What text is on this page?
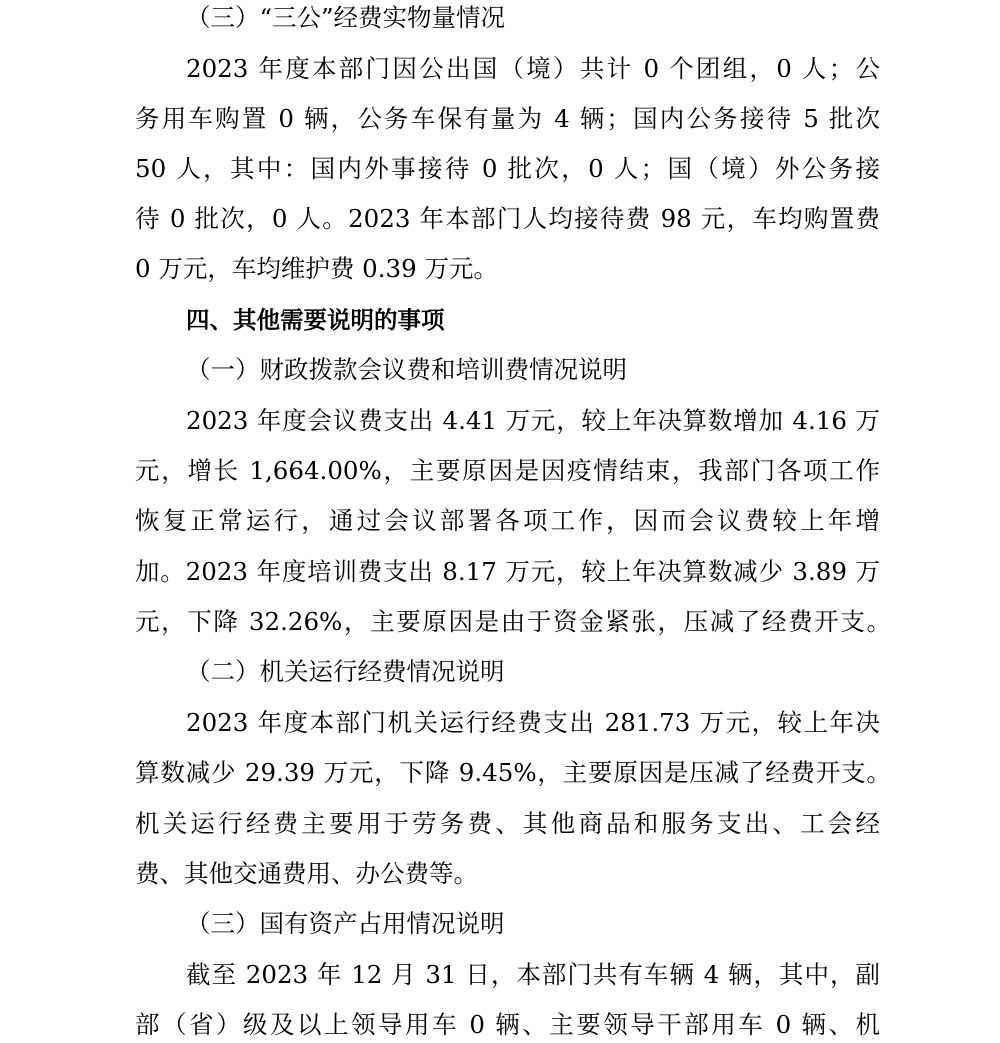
（三）“三公”经费实物量情况
2023 年度本部门因公出国（境）共计 0 个团组，0 人；公
务用车购置 0 辆，公务车保有量为 4 辆；国内公务接待 5 批次
50 人，其中：国内外事接待 0 批次，0 人；国（境）外公务接
待 0 批次，0 人。2023 年本部门人均接待费 98 元，车均购置费
0 万元，车均维护费 0.39 万元。
四、其他需要说明的事项
（一）财政拨款会议费和培训费情况说明
2023 年度会议费支出 4.41 万元，较上年决算数增加 4.16 万
元，增长 1,664.00%，主要原因是因疫情结束，我部门各项工作
恢复正常运行，通过会议部署各项工作，因而会议费较上年增
加。2023 年度培训费支出 8.17 万元，较上年决算数减少 3.89 万
元，下降 32.26%，主要原因是由于资金紧张，压减了经费开支。
（二）机关运行经费情况说明
2023 年度本部门机关运行经费支出 281.73 万元，较上年决
算数减少 29.39 万元，下降 9.45%，主要原因是压减了经费开支。
机关运行经费主要用于劳务费、其他商品和服务支出、工会经
费、其他交通费用、办公费等。
（三）国有资产占用情况说明
截至 2023 年 12 月 31 日，本部门共有车辆 4 辆，其中，副
部（省）级及以上领导用车 0 辆、主要领导干部用车 0 辆、机
